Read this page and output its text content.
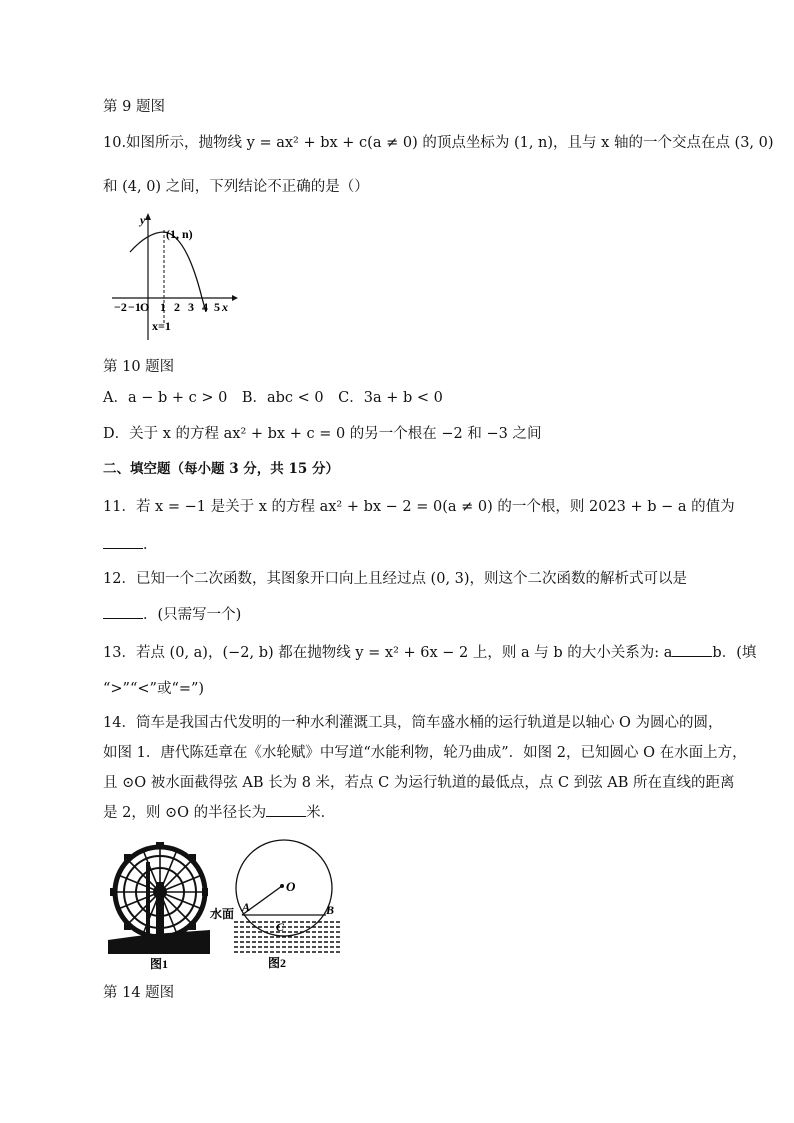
第 9 题图
10.如图所示，抛物线 y = ax² + bx + c(a ≠ 0) 的顶点坐标为 (1, n)，且与 x 轴的一个交点在点 (3, 0)
和 (4, 0) 之间，下列结论不正确的是（）
y
(1, n)
−2 −1 O 1 2 3 4 5 x
x=1
第 10 题图
A．a − b + c > 0　B．abc < 0　C．3a + b < 0
D．关于 x 的方程 ax² + bx + c = 0 的另一个根在 −2 和 −3 之间
二、填空题（每小题 3 分，共 15 分）
11．若 x = −1 是关于 x 的方程 ax² + bx − 2 = 0(a ≠ 0) 的一个根，则 2023 + b − a 的值为
．
12．已知一个二次函数，其图象开口向上且经过点 (0, 3)，则这个二次函数的解析式可以是
．(只需写一个)
13．若点 (0, a)，(−2, b) 都在抛物线 y = x² + 6x − 2 上，则 a 与 b 的大小关系为: a	b．(填
“>”“<”或“=”)
14．筒车是我国古代发明的一种水利灌溉工具，筒车盛水桶的运行轨道是以轴心 O 为圆心的圆，
如图 1．唐代陈廷章在《水轮赋》中写道“水能利物，轮乃曲成”．如图 2，已知圆心 O 在水面上方，
且 ⊙O 被水面截得弦 AB 长为 8 米，若点 C 为运行轨道的最低点，点 C 到弦 AB 所在直线的距离
是 2，则 ⊙O 的半径长为	米．
图1
O
水面 A	B
C
图2
第 14 题图
